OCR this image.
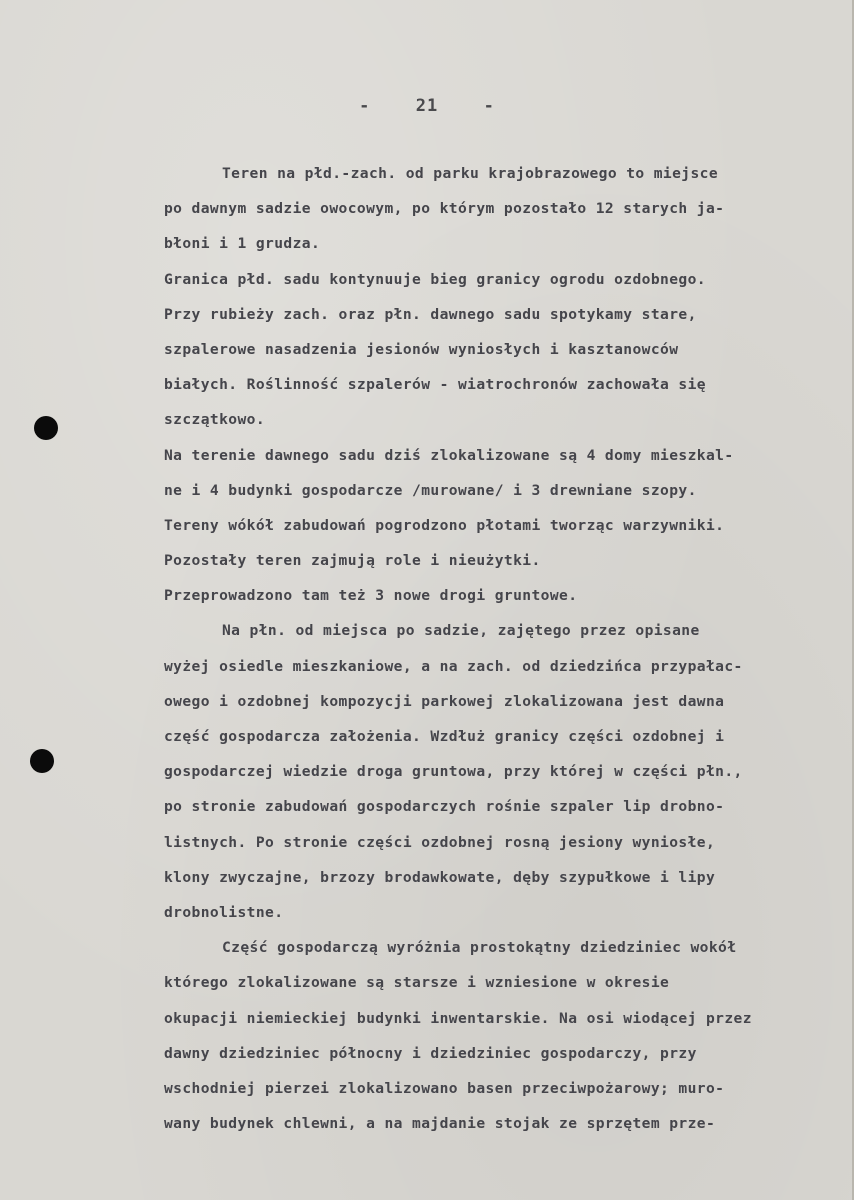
-	21	-
Teren na płd.-zach. od parku krajobrazowego to miejsce
po dawnym sadzie owocowym, po którym pozostało 12 starych ja-
błoni i 1 grudza.
Granica płd. sadu kontynuuje bieg granicy ogrodu ozdobnego.
Przy rubieży zach. oraz płn. dawnego sadu spotykamy stare,
szpalerowe nasadzenia jesionów wyniosłych i kasztanowców
białych. Roślinność szpalerów - wiatrochronów zachowała się
szczątkowo.
Na terenie dawnego sadu dziś zlokalizowane są 4 domy mieszkal-
ne i 4 budynki gospodarcze /murowane/ i 3 drewniane szopy.
Tereny wókół zabudowań pogrodzono płotami tworząc warzywniki.
Pozostały teren zajmują role i nieużytki.
Przeprowadzono tam też 3 nowe drogi gruntowe.
Na płn. od miejsca po sadzie, zajętego przez opisane
wyżej osiedle mieszkaniowe, a na zach. od dziedzińca przypałac-
owego i ozdobnej kompozycji parkowej zlokalizowana jest dawna
część gospodarcza założenia. Wzdłuż granicy części ozdobnej i
gospodarczej wiedzie droga gruntowa, przy której w części płn.,
po stronie zabudowań gospodarczych rośnie szpaler lip drobno-
listnych. Po stronie części ozdobnej rosną jesiony wyniosłe,
klony zwyczajne, brzozy brodawkowate, dęby szypułkowe i lipy
drobnolistne.
Część gospodarczą wyróżnia prostokątny dziedziniec wokół
którego zlokalizowane są starsze i wzniesione w okresie
okupacji niemieckiej budynki inwentarskie. Na osi wiodącej przez
dawny dziedziniec północny i dziedziniec gospodarczy, przy
wschodniej pierzei zlokalizowano basen przeciwpożarowy; muro-
wany budynek chlewni, a na majdanie stojak ze sprzętem prze-
